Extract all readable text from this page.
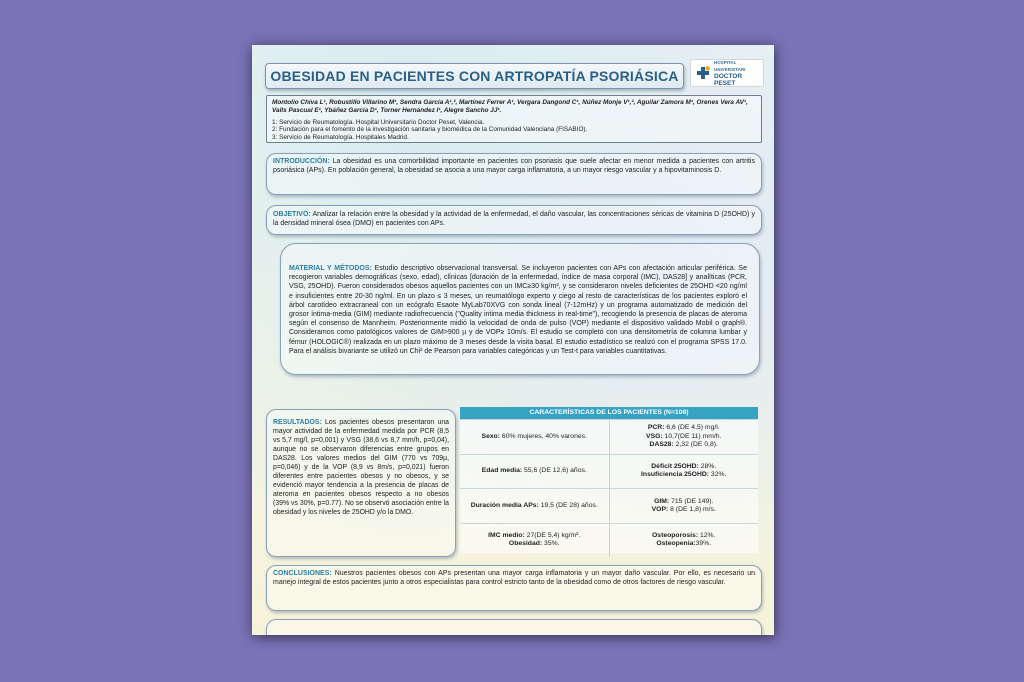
OBESIDAD EN PACIENTES CON ARTROPATÍA PSORIÁSICA
HOSPITAL UNIVERSITARI
DOCTOR PESET
Montolio Chiva L¹, Robustillo Villarino M¹, Sendra García A¹,², Martínez Ferrer A¹, Vergara Dangond C¹, Núñez Monje V¹,², Aguilar Zamora M¹, Orenes Vera AV¹, Valls Pascual E¹, Ybáñez García D¹, Torner Hernández I¹, Alegre Sancho JJ¹.
1: Servicio de Reumatología. Hospital Universitario Doctor Peset, Valencia.
2: Fundación para el fomento de la investigación sanitaria y biomédica de la Comunidad Valenciana (FISABIO).
3: Servicio de Reumatología. Hospitales Madrid.
INTRODUCCIÓN: La obesidad es una comorbilidad importante en pacientes con psoriasis que suele afectar en menor medida a pacientes con artritis psoriásica (APs). En población general, la obesidad se asocia a una mayor carga inflamatoria, a un mayor riesgo vascular y a hipovitaminosis D.
OBJETIVO: Analizar la relación entre la obesidad y la actividad de la enfermedad, el daño vascular, las concentraciones séricas de vitamina D (25OHD) y la densidad mineral ósea (DMO) en pacientes con APs.
MATERIAL Y MÉTODOS: Estudio descriptivo observacional transversal. Se incluyeron pacientes con APs con afectación articular periférica. Se recogieron variables demográficas (sexo, edad), clínicas [duración de la enfermedad, índice de masa corporal (IMC), DAS28] y analíticas (PCR, VSG, 25OHD). Fueron considerados obesos aquellos pacientes con un IMC≥30 kg/m², y se consideraron niveles deficientes de 25OHD <20 ng/ml e insuficientes entre 20-30 ng/ml. En un plazo ≤ 3 meses, un reumatólogo experto y ciego al resto de características de los pacientes exploró el árbol carotídeo extracraneal con un ecógrafo Esaote MyLab70XVG con sonda lineal (7-12mHz) y un programa automatizado de medición del grosor íntima-media (GIM) mediante radiofrecuencia ("Quality intima media thickness in real-time"), recogiendo la presencia de placas de ateroma según el consenso de Mannheim. Posteriormente midió la velocidad de onda de pulso (VOP) mediante el dispositivo validado Mobil o graph®. Consideramos como patológicos valores de GIM>900 µ y de VOP≥ 10m/s. El estudio se completó con una densitometría de columna lumbar y fémur (HOLOGIC®) realizada en un plazo máximo de 3 meses desde la visita basal. El estudio estadístico se realizó con el programa SPSS 17.0. Para el análisis bivariante se utilizó un Chi² de Pearson para variables categóricas y un Test-t para variables cuantitativas.
RESULTADOS: Los pacientes obesos presentaron una mayor actividad de la enfermedad medida por PCR (8,5 vs 5,7 mg/l, p=0,001) y VSG (38,6 vs 8,7 mm/h, p=0,04), aunque no se observaron diferencias entre grupos en DAS28. Los valores medios del GIM (770 vs 709µ, p=0,046) y de la VOP (8,9 vs 8m/s, p=0,021) fueron diferentes entre pacientes obesos y no obesos, y se evidenció mayor tendencia a la presencia de placas de ateroma en pacientes obesos respecto a no obesos (39% vs 30%, p=0.77). No se observó asociación entre la obesidad y los niveles de 25OHD y/o la DMO.
CARACTERÍSTICAS DE LOS PACIENTES (N=108)
Sexo: 60% mujeres, 40% varones.
PCR: 6,6 (DE 4,5) mg/l.
VSG: 10,7(DE 11) mm/h.
DAS28: 2,32 (DE 0,8).
Edad media: 55,6 (DE 12,6) años.
Déficit 25OHD: 28%.
Insuficiencia 25OHD: 32%.
Duración media APs: 19,5 (DE 28) años.
GIM: 715 (DE 149).
VOP: 8 (DE 1,8) m/s.
IMC medio: 27(DE 5,4) kg/m².
Obesidad: 35%.
Osteoporosis: 12%.
Osteopenia:39%.
CONCLUSIONES: Nuestros pacientes obesos con APs presentan una mayor carga inflamatoria y un mayor daño vascular. Por ello, es necesario un manejo integral de estos pacientes junto a otros especialistas para control estricto tanto de la obesidad como de otros factores de riesgo vascular.
